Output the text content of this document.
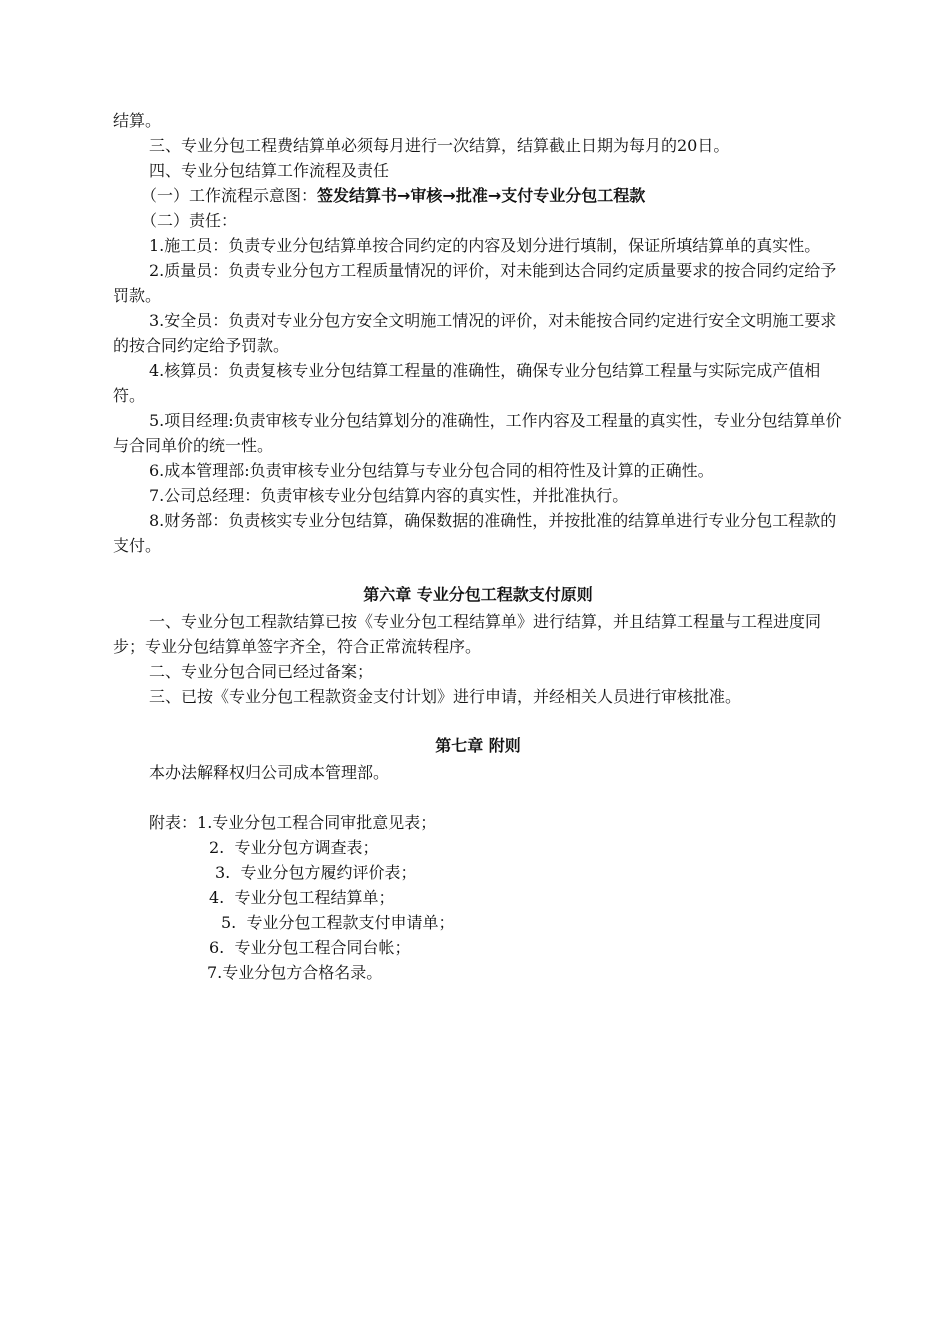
结算。

三、专业分包工程费结算单必须每月进行一次结算，结算截止日期为每月的20日。

四、专业分包结算工作流程及责任

（一）工作流程示意图：签发结算书→审核→批准→支付专业分包工程款

（二）责任：

1.施工员：负责专业分包结算单按合同约定的内容及划分进行填制，保证所填结算单的真实性。

2.质量员：负责专业分包方工程质量情况的评价，对未能到达合同约定质量要求的按合同约定给予罚款。

3.安全员：负责对专业分包方安全文明施工情况的评价，对未能按合同约定进行安全文明施工要求的按合同约定给予罚款。

4.核算员：负责复核专业分包结算工程量的准确性，确保专业分包结算工程量与实际完成产值相符。

5.项目经理:负责审核专业分包结算划分的准确性，工作内容及工程量的真实性，专业分包结算单价与合同单价的统一性。

6.成本管理部:负责审核专业分包结算与专业分包合同的相符性及计算的正确性。

7.公司总经理：负责审核专业分包结算内容的真实性，并批准执行。

8.财务部：负责核实专业分包结算，确保数据的准确性，并按批准的结算单进行专业分包工程款的支付。

第六章 专业分包工程款支付原则

一、专业分包工程款结算已按《专业分包工程结算单》进行结算，并且结算工程量与工程进度同步；专业分包结算单签字齐全，符合正常流转程序。

二、专业分包合同已经过备案；

三、已按《专业分包工程款资金支付计划》进行申请，并经相关人员进行审核批准。

第七章 附则

本办法解释权归公司成本管理部。

附表：1.专业分包工程合同审批意见表；

2.  专业分包方调查表；

3.  专业分包方履约评价表；

4.  专业分包工程结算单；

5.  专业分包工程款支付申请单；

6.  专业分包工程合同台帐；

7.专业分包方合格名录。
